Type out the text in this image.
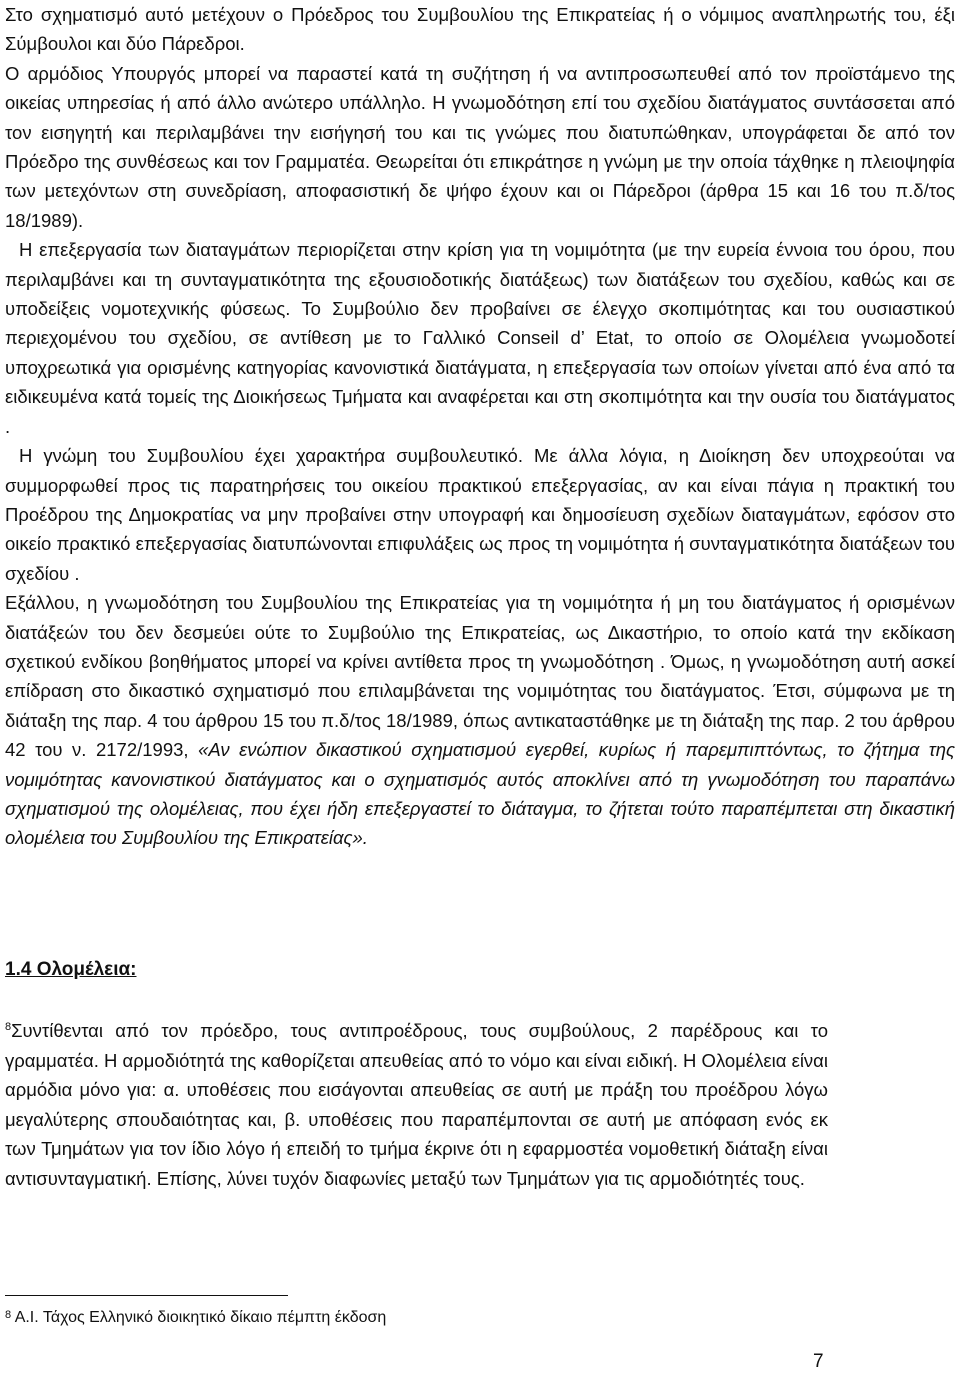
Στο σχηματισμό αυτό μετέχουν ο Πρόεδρος του Συμβουλίου της Επικρατείας ή ο νόμιμος αναπληρωτής του, έξι Σύμβουλοι και δύο Πάρεδροι.

Ο αρμόδιος Υπουργός μπορεί να παραστεί κατά τη συζήτηση ή να αντιπροσωπευθεί από τον προϊστάμενο της οικείας υπηρεσίας ή από άλλο ανώτερο υπάλληλο. Η γνωμοδότηση επί του σχεδίου διατάγματος συντάσσεται από τον εισηγητή και περιλαμβάνει την εισήγησή του και τις γνώμες που διατυπώθηκαν, υπογράφεται δε από τον Πρόεδρο της συνθέσεως και τον Γραμματέα. Θεωρείται ότι επικράτησε η γνώμη με την οποία τάχθηκε η πλειοψηφία των μετεχόντων στη συνεδρίαση, αποφασιστική δε ψήφο έχουν και οι Πάρεδροι (άρθρα 15 και 16 του π.δ/τος 18/1989).

Η επεξεργασία των διαταγμάτων περιορίζεται στην κρίση για τη νομιμότητα (με την ευρεία έννοια του όρου, που περιλαμβάνει και τη συνταγματικότητα της εξουσιοδοτικής διατάξεως) των διατάξεων του σχεδίου, καθώς και σε υποδείξεις νομοτεχνικής φύσεως. Το Συμβούλιο δεν προβαίνει σε έλεγχο σκοπιμότητας και του ουσιαστικού περιεχομένου του σχεδίου, σε αντίθεση με το Γαλλικό Conseil d’ Etat, το οποίο σε Ολομέλεια γνωμοδοτεί υποχρεωτικά για ορισμένης κατηγορίας κανονιστικά διατάγματα, η επεξεργασία των οποίων γίνεται από ένα από τα ειδικευμένα κατά τομείς της Διοικήσεως Τμήματα και αναφέρεται και στη σκοπιμότητα και την ουσία του διατάγματος .

Η γνώμη του Συμβουλίου έχει χαρακτήρα συμβουλευτικό. Με άλλα λόγια, η Διοίκηση δεν υποχρεούται να συμμορφωθεί προς τις παρατηρήσεις του οικείου πρακτικού επεξεργασίας, αν και είναι πάγια η πρακτική του Προέδρου της Δημοκρατίας να μην προβαίνει στην υπογραφή και δημοσίευση σχεδίων διαταγμάτων, εφόσον στο οικείο πρακτικό επεξεργασίας διατυπώνονται επιφυλάξεις ως προς τη νομιμότητα ή συνταγματικότητα διατάξεων του σχεδίου .

Εξάλλου, η γνωμοδότηση του Συμβουλίου της Επικρατείας για τη νομιμότητα ή μη του διατάγματος ή ορισμένων διατάξεών του δεν δεσμεύει ούτε το Συμβούλιο της Επικρατείας, ως Δικαστήριο, το οποίο κατά την εκδίκαση σχετικού ενδίκου βοηθήματος μπορεί να κρίνει αντίθετα προς τη γνωμοδότηση . Όμως, η γνωμοδότηση αυτή ασκεί επίδραση στο δικαστικό σχηματισμό που επιλαμβάνεται της νομιμότητας του διατάγματος. Έτσι, σύμφωνα με τη διάταξη της παρ. 4 του άρθρου 15 του π.δ/τος 18/1989, όπως αντικαταστάθηκε με τη διάταξη της παρ. 2 του άρθρου 42 του ν. 2172/1993, «Αν ενώπιον δικαστικού σχηματισμού εγερθεί, κυρίως ή παρεμπιπτόντως, το ζήτημα της νομιμότητας κανονιστικού διατάγματος και ο σχηματισμός αυτός αποκλίνει από τη γνωμοδότηση του παραπάνω σχηματισμού της ολομέλειας, που έχει ήδη επεξεργαστεί το διάταγμα, το ζήτεται τούτο παραπέμπεται στη δικαστική ολομέλεια του Συμβουλίου της Επικρατείας».

1.4 Ολομέλεια:

$^8$Συντίθενται από τον πρόεδρο, τους αντιπροέδρους, τους συμβούλους, 2 παρέδρους και το γραμματέα. Η αρμοδιότητά της καθορίζεται απευθείας από το νόμο και είναι ειδική. Η Ολομέλεια είναι αρμόδια μόνο για: α. υποθέσεις που εισάγονται απευθείας σε αυτή με πράξη του προέδρου λόγω μεγαλύτερης σπουδαιότητας και, β. υποθέσεις που παραπέμπονται σε αυτή με απόφαση ενός εκ των Τμημάτων για τον ίδιο λόγο ή επειδή το τμήμα έκρινε ότι η εφαρμοστέα νομοθετική διάταξη είναι αντισυνταγματική. Επίσης, λύνει τυχόν διαφωνίες μεταξύ των Τμημάτων για τις αρμοδιότητές τους.

$^8$ Α.Ι. Τάχος Ελληνικό διοικητικό δίκαιο πέμπτη έκδοση
7
